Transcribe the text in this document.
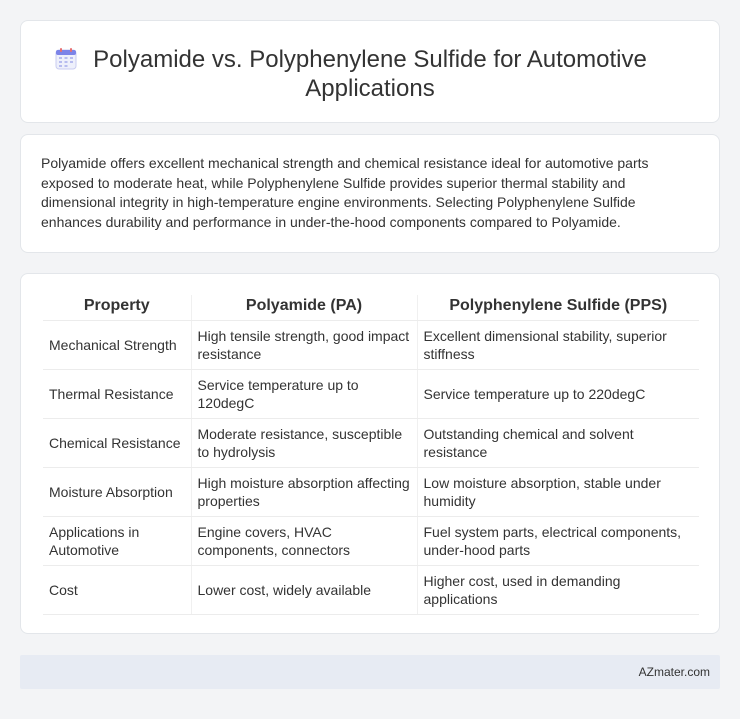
Polyamide vs. Polyphenylene Sulfide for Automotive Applications

Polyamide offers excellent mechanical strength and chemical resistance ideal for automotive parts exposed to moderate heat, while Polyphenylene Sulfide provides superior thermal stability and dimensional integrity in high-temperature engine environments. Selecting Polyphenylene Sulfide enhances durability and performance in under-the-hood components compared to Polyamide.

Property	Polyamide (PA)	Polyphenylene Sulfide (PPS)
Mechanical Strength	High tensile strength, good impact resistance	Excellent dimensional stability, superior stiffness
Thermal Resistance	Service temperature up to 120degC	Service temperature up to 220degC
Chemical Resistance	Moderate resistance, susceptible to hydrolysis	Outstanding chemical and solvent resistance
Moisture Absorption	High moisture absorption affecting properties	Low moisture absorption, stable under humidity
Applications in Automotive	Engine covers, HVAC components, connectors	Fuel system parts, electrical components, under-hood parts
Cost	Lower cost, widely available	Higher cost, used in demanding applications
AZmater.com
